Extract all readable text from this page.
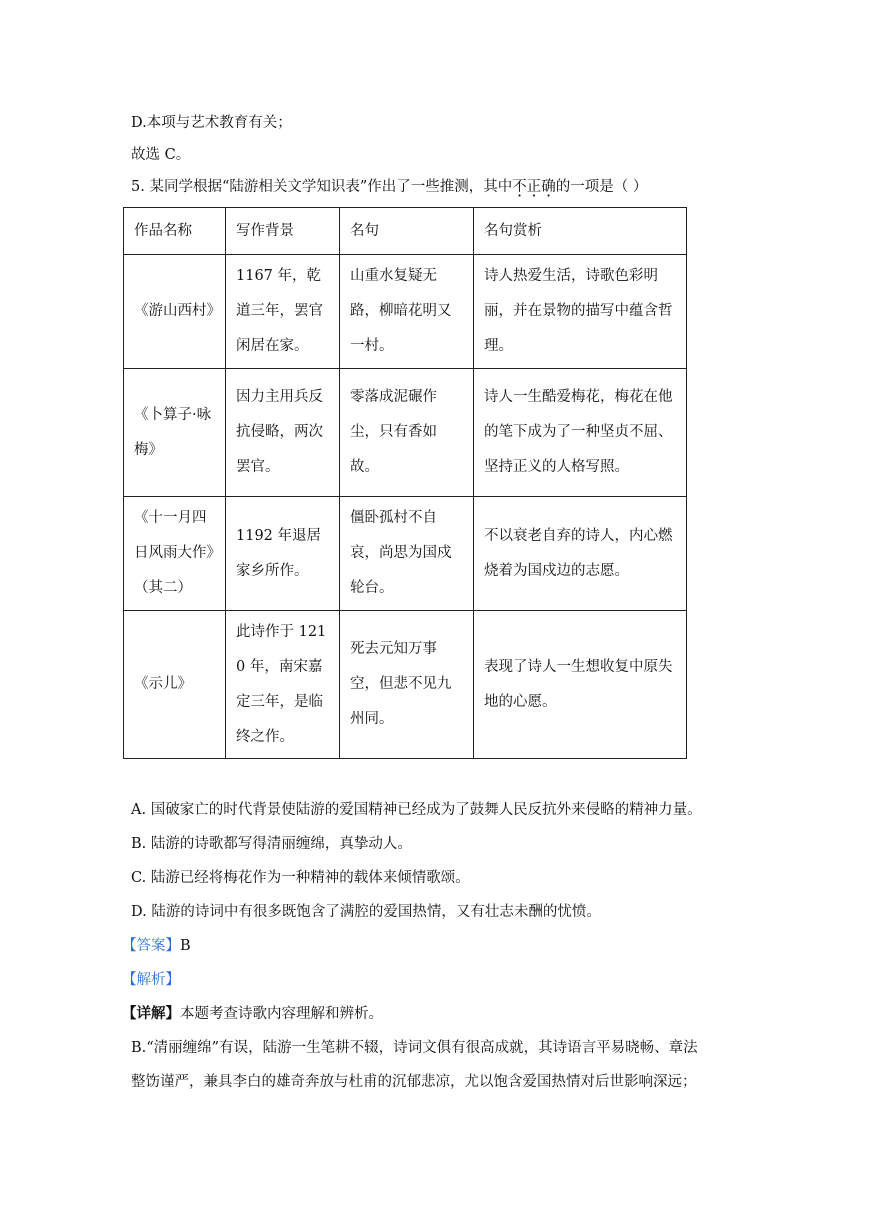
D.本项与艺术教育有关；
故选 C。
5. 某同学根据“陆游相关文学知识表”作出了一些推测，其中不正确的一项是（ ）
作品名称	写作背景	名句	名句赏析
《游山西村》	1167 年，乾道三年，罢官闲居在家。	山重水复疑无路，柳暗花明又一村。	诗人热爱生活，诗歌色彩明丽，并在景物的描写中蕴含哲理。
《卜算子·咏梅》	因力主用兵反抗侵略，两次罢官。	零落成泥碾作尘，只有香如故。	诗人一生酷爱梅花，梅花在他的笔下成为了一种坚贞不屈、坚持正义的人格写照。
《十一月四日风雨大作》（其二）	1192 年退居家乡所作。	僵卧孤村不自哀，尚思为国戍轮台。	不以衰老自弃的诗人，内心燃烧着为国戍边的志愿。
《示儿》	此诗作于 1210 年，南宋嘉定三年，是临终之作。	死去元知万事空，但悲不见九州同。	表现了诗人一生想收复中原失地的心愿。
A. 国破家亡的时代背景使陆游的爱国精神已经成为了鼓舞人民反抗外来侵略的精神力量。
B. 陆游的诗歌都写得清丽缠绵，真挚动人。
C. 陆游已经将梅花作为一种精神的载体来倾情歌颂。
D. 陆游的诗词中有很多既饱含了满腔的爱国热情，又有壮志未酬的忧愤。
【答案】B
【解析】
【详解】本题考查诗歌内容理解和辨析。
B.“清丽缠绵”有误，陆游一生笔耕不辍，诗词文俱有很高成就，其诗语言平易晓畅、章法
整饬谨严，兼具李白的雄奇奔放与杜甫的沉郁悲凉，尤以饱含爱国热情对后世影响深远；
